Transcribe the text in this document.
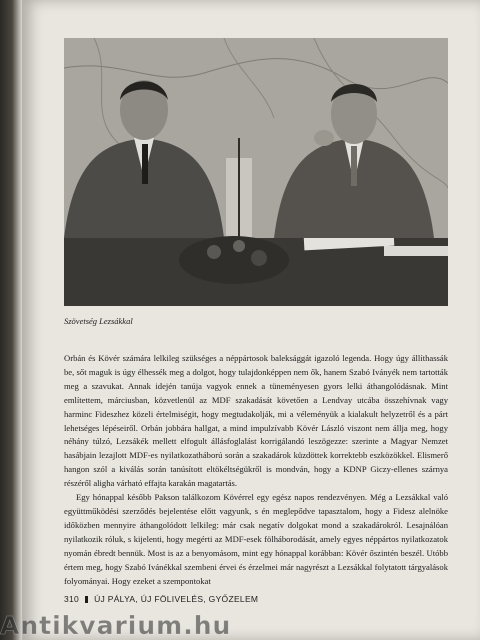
Szövetség Lezsákkal

Orbán és Kövér számára lelkileg szükséges a néppártosok baleksággát igazoló legenda. Hogy úgy állíthassák be, sőt maguk is úgy élhessék meg a dolgot, hogy tulajdonképpen nem ők, hanem Szabó Iványék nem tartották meg a szavukat. Annak idején tanúja vagyok ennek a tüneményesen gyors lelki áthangolódásnak. Mint említettem, márciusban, közvetlenül az MDF szakadását követően a Lendvay utcába összehívnak vagy harminc Fideszhez közeli értelmiségit, hogy megtudakolják, mi a véleményük a kialakult helyzetről és a párt lehetséges lépéseiről. Orbán jobbára hallgat, a mind impulzívabb Kövér László viszont nem állja meg, hogy néhány túlzó, Lezsákék mellett elfogult állásfoglalást korrigálandó leszögezze: szerinte a Magyar Nemzet hasábjain lezajlott MDF-es nyilatkozatháború során a szakadárok küzdöttek korrektebb eszközökkel. Elismerő hangon szól a kiválás során tanúsított eltökéltségükről is mondván, hogy a KDNP Giczy-ellenes szárnya részéről aligha várható effajta karakán magatartás.

Egy hónappal később Pakson találkozom Kövérrel egy egész napos rendezvényen. Még a Lezsákkal való együttműködési szerződés bejelentése előtt vagyunk, s én meglepődve tapasztalom, hogy a Fidesz alelnöke időközben mennyire áthangolódott lelkileg: már csak negatív dolgokat mond a szakadárokról. Lesajnálóan nyilatkozik róluk, s kijelenti, hogy megérti az MDF-esek fölháborodását, amely egyes néppártos nyilatkozatok nyomán ébredt bennük. Most is az a benyomásom, mint egy hónappal korábban: Kövér őszintén beszél. Utóbb értem meg, hogy Szabó Ivánékkal szembeni érvei és érzelmei már nagyrészt a Lezsákkal folytatott tárgyalások folyományai. Hogy ezeket a szempontokat

310 ÚJ PÁLYA, ÚJ FÖLIVELÉS, GYŐZELEM
Antikvarium.hu
